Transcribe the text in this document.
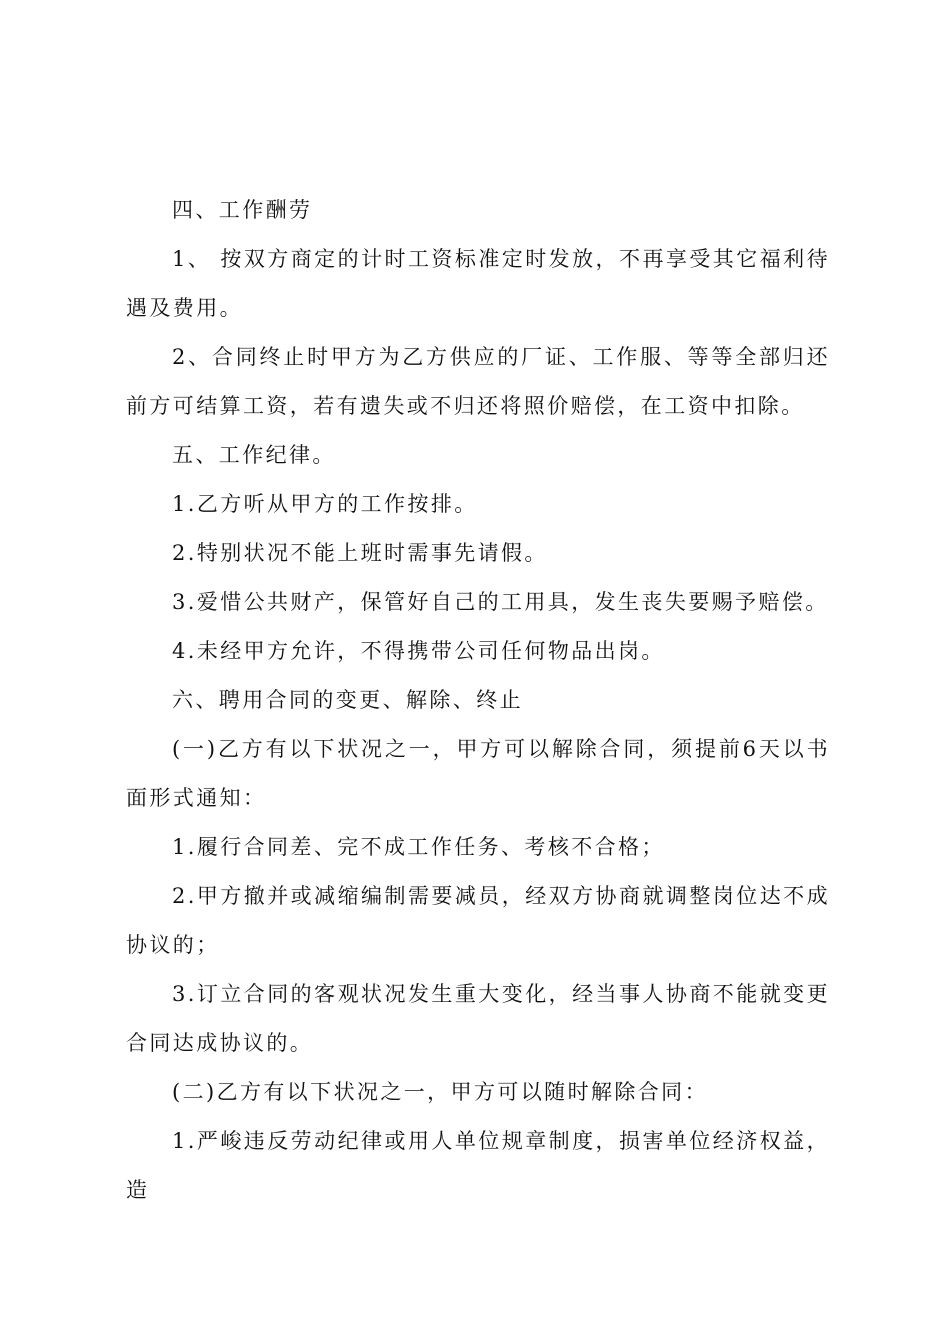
四、工作酬劳

1、 按双方商定的计时工资标准定时发放，不再享受其它福利待遇及费用。

2、合同终止时甲方为乙方供应的厂证、工作服、等等全部归还前方可结算工资，若有遗失或不归还将照价赔偿，在工资中扣除。

五、工作纪律。

1.乙方听从甲方的工作按排。

2.特别状况不能上班时需事先请假。

3.爱惜公共财产，保管好自己的工用具，发生丧失要赐予赔偿。

4.未经甲方允许，不得携带公司任何物品出岗。

六、聘用合同的变更、解除、终止

(一)乙方有以下状况之一，甲方可以解除合同，须提前6天以书面形式通知：

1.履行合同差、完不成工作任务、考核不合格；

2.甲方撤并或减缩编制需要减员，经双方协商就调整岗位达不成协议的；

3.订立合同的客观状况发生重大变化，经当事人协商不能就变更合同达成协议的。

(二)乙方有以下状况之一，甲方可以随时解除合同：

1.严峻违反劳动纪律或用人单位规章制度，损害单位经济权益，造
